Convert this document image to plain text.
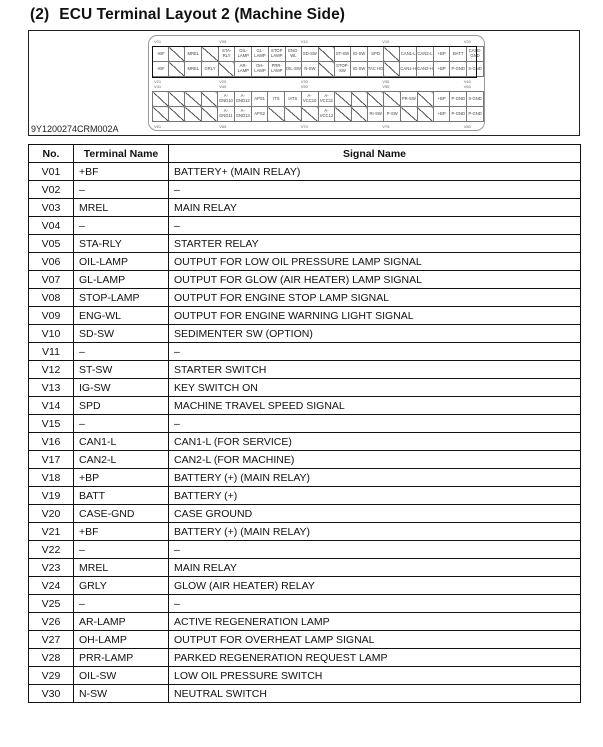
(2) ECU Terminal Layout 2 (Machine Side)
V01	V05	V10	V15	V20
V21	V25	V30	V35	V40
V41	V45	V50	V55	V60
V61	V65	V70	V75	V80
+BF		MREL		STA-RLY	OIL-LAMP	GL-LAMP	STOP LAMP	ENG-WL	SD-SW		ST-SW	IG-SW	SPD		CAN1-L	CAN2-L	+BP	BATT	CASE-GND
+BF		MREL	GRLY		AR-LAMP	OH-LAMP	PRR-LAMP	OIL-SW	N-SW		STOP-SW	IG-SW	TAC HO		CAN1-H	CAN2-H	+BP	P-GND	S-GND
				A-GND10	A-GND12	APS1	ITS	IATS	A-VCC10	A-VCC11					PR-SW		+BP	P-GND	S-GND
				A-GND11	A-GND13	APS2				A-VCC12			RI-SW	P-SW			+BP	P-GND	P-GND
9Y1200274CRM002A
No.	Terminal Name	Signal Name
V01	+BF	BATTERY+ (MAIN RELAY)
V02	–	–
V03	MREL	MAIN RELAY
V04	–	–
V05	STA-RLY	STARTER RELAY
V06	OIL-LAMP	OUTPUT FOR LOW OIL PRESSURE LAMP SIGNAL
V07	GL-LAMP	OUTPUT FOR GLOW (AIR HEATER) LAMP SIGNAL
V08	STOP-LAMP	OUTPUT FOR ENGINE STOP LAMP SIGNAL
V09	ENG-WL	OUTPUT FOR ENGINE WARNING LIGHT SIGNAL
V10	SD-SW	SEDIMENTER SW (OPTION)
V11	–	–
V12	ST-SW	STARTER SWITCH
V13	IG-SW	KEY SWITCH ON
V14	SPD	MACHINE TRAVEL SPEED SIGNAL
V15	–	–
V16	CAN1-L	CAN1-L (FOR SERVICE)
V17	CAN2-L	CAN2-L (FOR MACHINE)
V18	+BP	BATTERY (+) (MAIN RELAY)
V19	BATT	BATTERY (+)
V20	CASE-GND	CASE GROUND
V21	+BF	BATTERY (+) (MAIN RELAY)
V22	–	–
V23	MREL	MAIN RELAY
V24	GRLY	GLOW (AIR HEATER) RELAY
V25	–	–
V26	AR-LAMP	ACTIVE REGENERATION LAMP
V27	OH-LAMP	OUTPUT FOR OVERHEAT LAMP SIGNAL
V28	PRR-LAMP	PARKED REGENERATION REQUEST LAMP
V29	OIL-SW	LOW OIL PRESSURE SWITCH
V30	N-SW	NEUTRAL SWITCH
